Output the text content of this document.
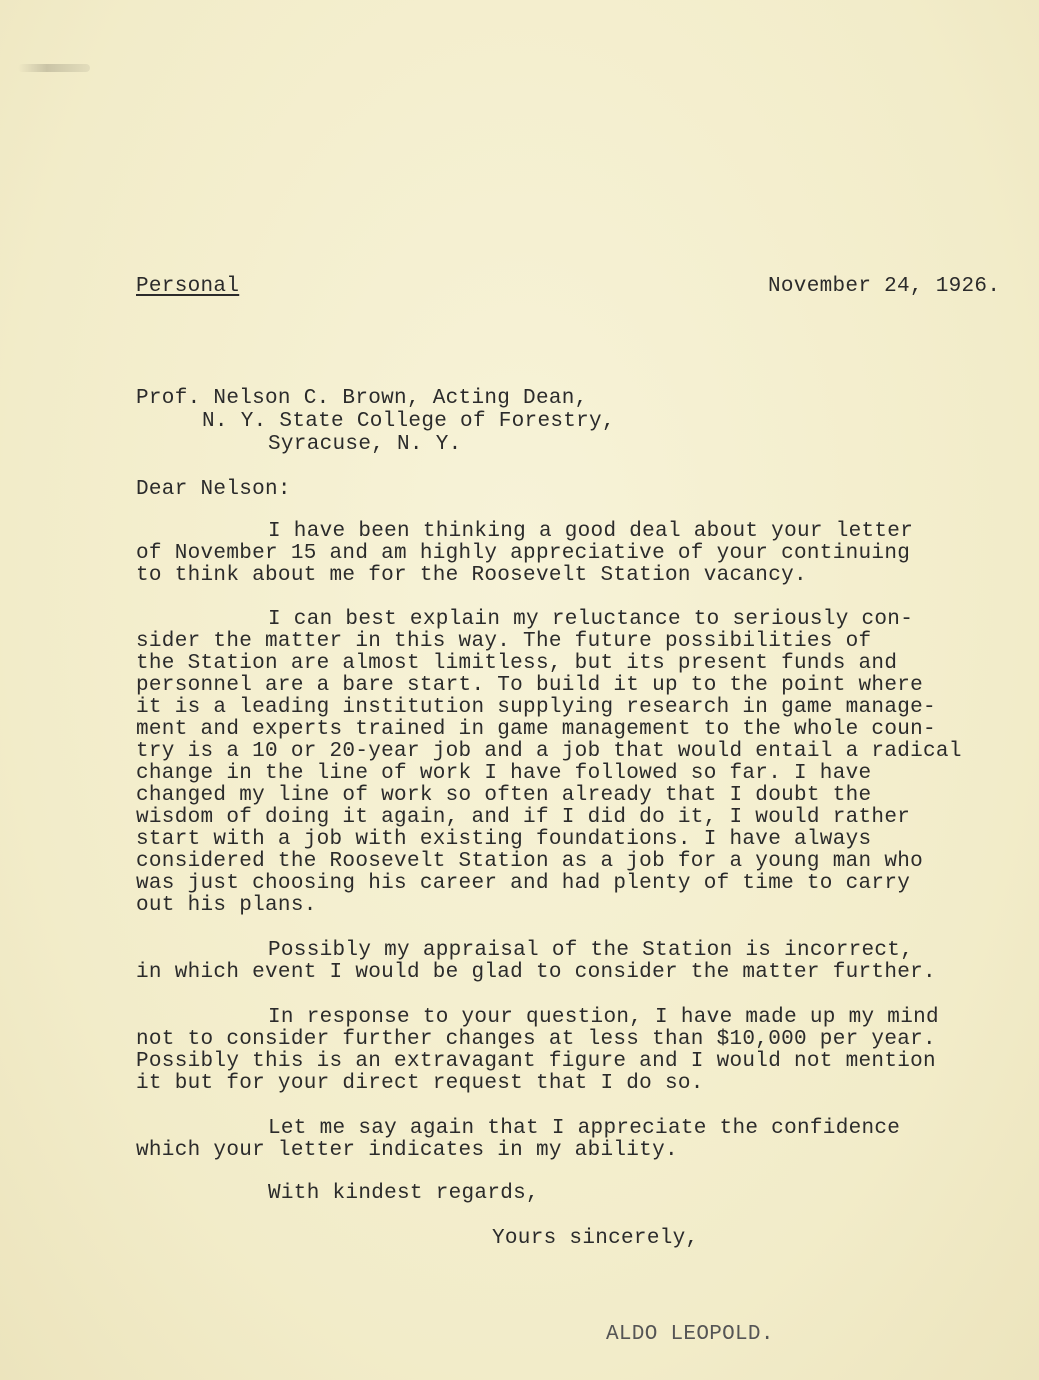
Personal	November 24, 1926.
Prof. Nelson C. Brown, Acting Dean,
N. Y. State College of Forestry,
Syracuse, N. Y.
Dear Nelson:
I have been thinking a good deal about your letter
of November 15 and am highly appreciative of your continuing
to think about me for the Roosevelt Station vacancy.
I can best explain my reluctance to seriously con-
sider the matter in this way. The future possibilities of
the Station are almost limitless, but its present funds and
personnel are a bare start. To build it up to the point where
it is a leading institution supplying research in game manage-
ment and experts trained in game management to the whole coun-
try is a 10 or 20-year job and a job that would entail a radical
change in the line of work I have followed so far. I have
changed my line of work so often already that I doubt the
wisdom of doing it again, and if I did do it, I would rather
start with a job with existing foundations. I have always
considered the Roosevelt Station as a job for a young man who
was just choosing his career and had plenty of time to carry
out his plans.
Possibly my appraisal of the Station is incorrect,
in which event I would be glad to consider the matter further.
In response to your question, I have made up my mind
not to consider further changes at less than $10,000 per year.
Possibly this is an extravagant figure and I would not mention
it but for your direct request that I do so.
Let me say again that I appreciate the confidence
which your letter indicates in my ability.
With kindest regards,
Yours sincerely,
ALDO LEOPOLD.
